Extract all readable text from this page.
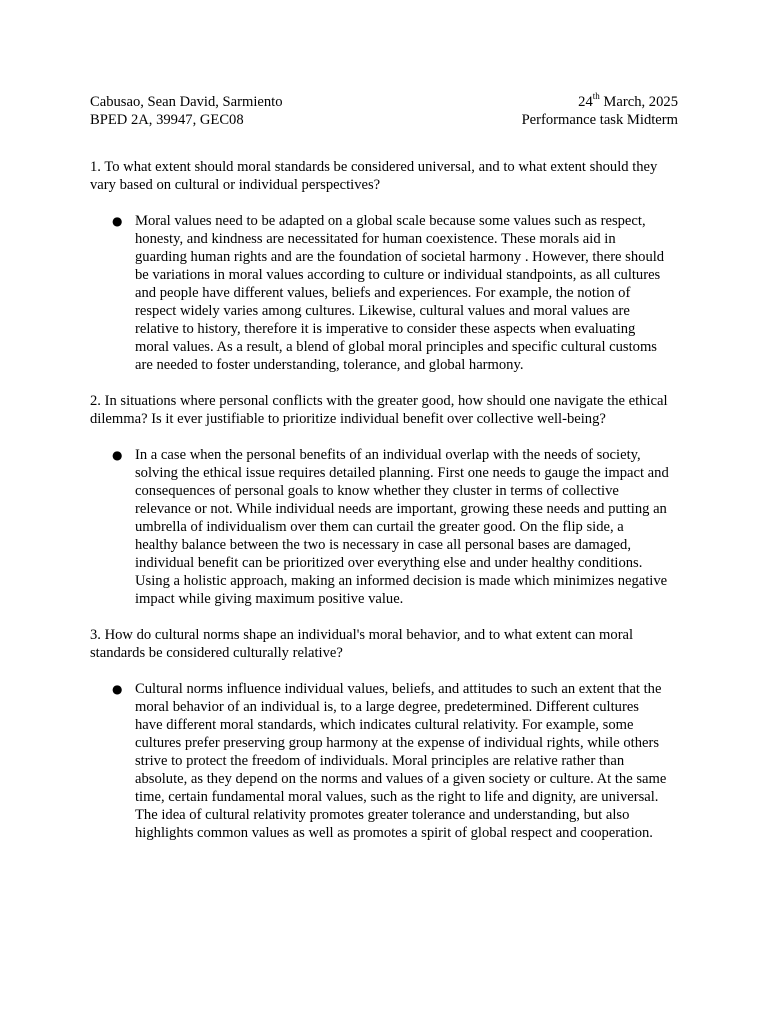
Cabusao, Sean David, Sarmiento	24th March, 2025
BPED 2A, 39947, GEC08	Performance task Midterm

1. To what extent should moral standards be considered universal, and to what extent should they vary based on cultural or individual perspectives?

● Moral values need to be adapted on a global scale because some values such as respect, honesty, and kindness are necessitated for human coexistence. These morals aid in guarding human rights and are the foundation of societal harmony . However, there should be variations in moral values according to culture or individual standpoints, as all cultures and people have different values, beliefs and experiences. For example, the notion of respect widely varies among cultures. Likewise, cultural values and moral values are relative to history, therefore it is imperative to consider these aspects when evaluating moral values. As a result, a blend of global moral principles and specific cultural customs are needed to foster understanding, tolerance, and global harmony.

2. In situations where personal conflicts with the greater good, how should one navigate the ethical dilemma? Is it ever justifiable to prioritize individual benefit over collective well-being?

● In a case when the personal benefits of an individual overlap with the needs of society, solving the ethical issue requires detailed planning. First one needs to gauge the impact and consequences of personal goals to know whether they cluster in terms of collective relevance or not. While individual needs are important, growing these needs and putting an umbrella of individualism over them can curtail the greater good. On the flip side, a healthy balance between the two is necessary in case all personal bases are damaged, individual benefit can be prioritized over everything else and under healthy conditions. Using a holistic approach, making an informed decision is made which minimizes negative impact while giving maximum positive value.

3. How do cultural norms shape an individual's moral behavior, and to what extent can moral standards be considered culturally relative?

● Cultural norms influence individual values, beliefs, and attitudes to such an extent that the moral behavior of an individual is, to a large degree, predetermined. Different cultures have different moral standards, which indicates cultural relativity. For example, some cultures prefer preserving group harmony at the expense of individual rights, while others strive to protect the freedom of individuals. Moral principles are relative rather than absolute, as they depend on the norms and values of a given society or culture. At the same time, certain fundamental moral values, such as the right to life and dignity, are universal. The idea of cultural relativity promotes greater tolerance and understanding, but also highlights common values as well as promotes a spirit of global respect and cooperation.
